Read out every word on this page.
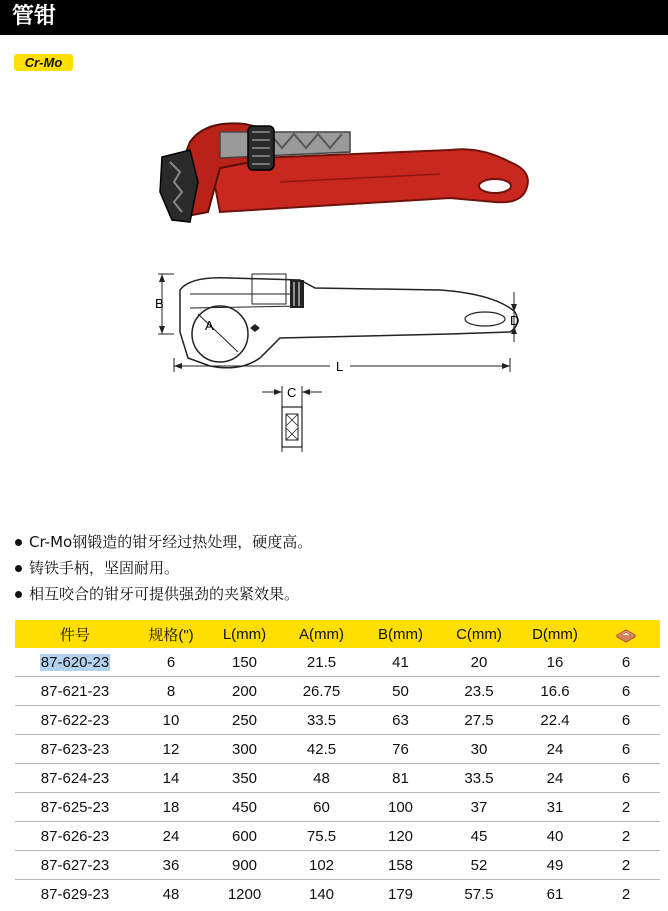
管钳
Cr-Mo
A
B
D
L
C
Cr-Mo钢锻造的钳牙经过热处理，硬度高。
铸铁手柄，坚固耐用。
相互咬合的钳牙可提供强劲的夹紧效果。
件号	规格(")	L(mm)	A(mm)	B(mm)	C(mm)	D(mm)	
87-620-23	6	150	21.5	41	20	16	6
87-621-23	8	200	26.75	50	23.5	16.6	6
87-622-23	10	250	33.5	63	27.5	22.4	6
87-623-23	12	300	42.5	76	30	24	6
87-624-23	14	350	48	81	33.5	24	6
87-625-23	18	450	60	100	37	31	2
87-626-23	24	600	75.5	120	45	40	2
87-627-23	36	900	102	158	52	49	2
87-629-23	48	1200	140	179	57.5	61	2
